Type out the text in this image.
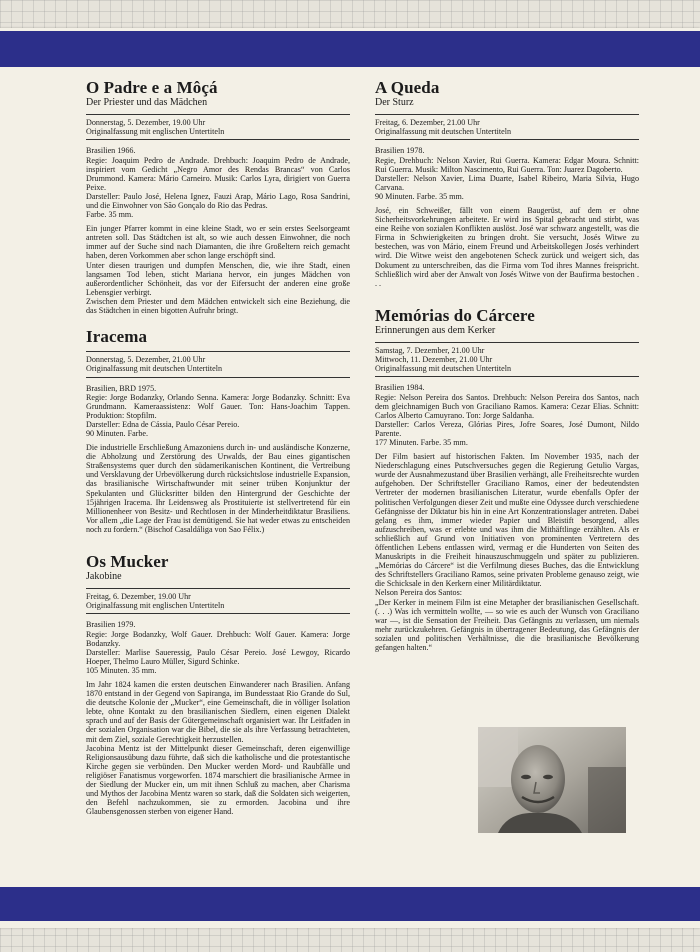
O Padre e a Môçá
Der Priester und das Mädchen
Donnerstag, 5. Dezember, 19.00 Uhr
Originalfassung mit englischen Untertiteln
Brasilien 1966.
Regie: Joaquim Pedro de Andrade. Drehbuch: Joaquim Pedro de Andrade, inspiriert vom Gedicht „Negro Amor des Rendas Brancas“ von Carlos Drummond. Kamera: Mário Carneiro. Musik: Carlos Lyra, dirigiert von Guerra Peixe.
Darsteller: Paulo José, Helena Ignez, Fauzi Arap, Mário Lago, Rosa Sandrini, und die Einwohner von São Gonçalo do Rio das Pedras.
Farbe. 35 mm.

Ein junger Pfarrer kommt in eine kleine Stadt, wo er sein erstes Seelsorgeamt antreten soll. Das Städtchen ist alt, so wie auch dessen Einwohner, die noch immer auf der Suche sind nach Diamanten, die ihre Großeltern reich gemacht haben, deren Vorkommen aber schon lange erschöpft sind.

Unter diesen traurigen und dumpfen Menschen, die, wie ihre Stadt, einen langsamen Tod leben, sticht Mariana hervor, ein junges Mädchen von außerordentlicher Schönheit, das vor der Eifersucht der anderen eine große Lebensgier verbirgt.

Zwischen dem Priester und dem Mädchen entwickelt sich eine Beziehung, die das Städtchen in einen bigotten Aufruhr bringt.

Iracema
Donnerstag, 5. Dezember, 21.00 Uhr
Originalfassung mit deutschen Untertiteln
Brasilien, BRD 1975.
Regie: Jorge Bodanzky, Orlando Senna. Kamera: Jorge Bodanzky. Schnitt: Eva Grundmann. Kameraassistenz: Wolf Gauer. Ton: Hans-Joachim Tappen. Produktion: Stopfilm.
Darsteller: Edna de Cássia, Paulo César Pereio.
90 Minuten. Farbe.

Die industrielle Erschließung Amazoniens durch in- und ausländische Konzerne, die Abholzung und Zerstörung des Urwalds, der Bau eines gigantischen Straßensystems quer durch den südamerikanischen Kontinent, die Vertreibung und Versklavung der Urbevölkerung durch rücksichtslose industrielle Expansion, das brasilianische Wirtschaftwunder mit seiner trüben Konjunktur der Spekulanten und Glücksritter bilden den Hintergrund der Geschichte der 15jährigen Iracema. Ihr Leidensweg als Prostituierte ist stellvertretend für ein Millionenheer von Besitz- und Rechtlosen in der Minderheitdiktatur Brasiliens. Vor allem „die Lage der Frau ist demütigend. Sie hat weder etwas zu entscheiden noch zu fordern.“ (Bischof Casaldáliga von Sao Félix.)

Os Mucker
Jakobine
Freitag, 6. Dezember, 19.00 Uhr
Originalfassung mit englischen Untertiteln
Brasilien 1979.
Regie: Jorge Bodanzky, Wolf Gauer. Drehbuch: Wolf Gauer. Kamera: Jorge Bodanzky.
Darsteller: Marlise Saueressig, Paulo César Pereio. José Lewgoy, Ricardo Hoeper, Thelmo Lauro Müller, Sigurd Schinke.
105 Minuten. 35 mm.

Im Jahr 1824 kamen die ersten deutschen Einwanderer nach Brasilien. Anfang 1870 entstand in der Gegend von Sapiranga, im Bundesstaat Rio Grande do Sul, die deutsche Kolonie der „Mucker“, eine Gemeinschaft, die in völliger Isolation lebte, ohne Kontakt zu den brasilianischen Siedlern, einen eigenen Dialekt sprach und auf der Basis der Gütergemeinschaft organisiert war. Ihr Leitfaden in der sozialen Organisation war die Bibel, die sie als ihre Verfassung betrachteten, mit dem Ziel, soziale Gerechtigkeit herzustellen.

Jacobina Mentz ist der Mittelpunkt dieser Gemeinschaft, deren eigenwillige Religionsausübung dazu führte, daß sich die katholische und die protestantische Kirche gegen sie verbünden. Den Mucker werden Mord- und Raubfälle und religiöser Fanatismus vorgeworfen. 1874 marschiert die brasilianische Armee in der Siedlung der Mucker ein, um mit ihnen Schluß zu machen, aber Charisma und Mythos der Jacobina Mentz waren so stark, daß die Soldaten sich weigerten, den Befehl nachzukommen, sie zu ermorden. Jacobina und ihre Glaubensgenossen sterben von eigener Hand.

A Queda
Der Sturz
Freitag, 6. Dezember, 21.00 Uhr
Originalfassung mit deutschen Untertiteln
Brasilien 1978.
Regie, Drehbuch: Nelson Xavier, Rui Guerra. Kamera: Edgar Moura. Schnitt: Rui Guerra. Musik: Milton Nascimento, Rui Guerra. Ton: Juarez Dagoberto.
Darsteller: Nelson Xavier, Lima Duarte, Isabel Ribeiro, Maria Silvia, Hugo Carvana.
90 Minuten. Farbe. 35 mm.

José, ein Schweißer, fällt von einem Baugerüst, auf dem er ohne Sicherheitsvorkehrungen arbeitete. Er wird ins Spital gebracht und stirbt, was eine Reihe von sozialen Konflikten auslöst. José war schwarz angestellt, was die Firma in Schwierigkeiten zu bringen droht. Sie versucht, Josés Witwe zu bestechen, was von Mário, einem Freund und Arbeitskollegen Josés verhindert wird. Die Witwe weist den angebotenen Scheck zurück und weigert sich, das Dokument zu unterschreiben, das die Firma vom Tod ihres Mannes freispricht. Schließlich wird aber der Anwalt von Josés Witwe von der Baufirma bestochen . . .

Memórias do Cárcere
Erinnerungen aus dem Kerker
Samstag, 7. Dezember, 21.00 Uhr
Mittwoch, 11. Dezember, 21.00 Uhr
Originalfassung mit deutschen Untertiteln
Brasilien 1984.
Regie: Nelson Pereira dos Santos. Drehbuch: Nelson Pereira dos Santos, nach dem gleichnamigen Buch von Graciliano Ramos. Kamera: Cezar Elias. Schnitt: Carlos Alberto Camuyrano. Ton: Jorge Saldanha.
Darsteller: Carlos Vereza, Glórias Pires, Jofre Soares, José Dumont, Nildo Parente.
177 Minuten. Farbe. 35 mm.

Der Film basiert auf historischen Fakten. Im November 1935, nach der Niederschlagung eines Putschversuches gegen die Regierung Getulio Vargas, wurde der Ausnahmezustand über Brasilien verhängt, alle Freiheitsrechte wurden aufgehoben. Der Schriftsteller Graciliano Ramos, einer der bedeutendsten Vertreter der modernen brasilianischen Literatur, wurde ebenfalls Opfer der politischen Verfolgungen dieser Zeit und mußte eine Odyssee durch verschiedene Gefängnisse der Diktatur bis hin in eine Art Konzentrationslager antreten. Dabei gelang es ihm, immer wieder Papier und Bleistift besorgend, alles aufzuschreiben, was er erlebte und was ihm die Mithäftlinge erzählten. Als er schließlich auf Grund von Initiativen von prominenten Vertretern des öffentlichen Lebens entlassen wird, vermag er die Hunderten von Seiten des Manuskripts in die Freiheit hinauszuschmuggeln und später zu publizieren. „Memórias do Cárcere“ ist die Verfilmung dieses Buches, das die Entwicklung des Schriftstellers Graciliano Ramos, seine privaten Probleme genauso zeigt, wie die Schicksale in den Kerkern einer Militärdiktatur.

Nelson Pereira dos Santos:

„Der Kerker in meinem Film ist eine Metapher der brasilianischen Gesellschaft. (. . .) Was ich vermitteln wollte, — so wie es auch der Wunsch von Graciliano war —, ist die Sensation der Freiheit. Das Gefängnis zu verlassen, um niemals mehr zurückzukehren. Gefängnis in übertragener Bedeutung, das Gefängnis der sozialen und politischen Verhältnisse, die die brasilianische Bevölkerung gefangen halten.“
